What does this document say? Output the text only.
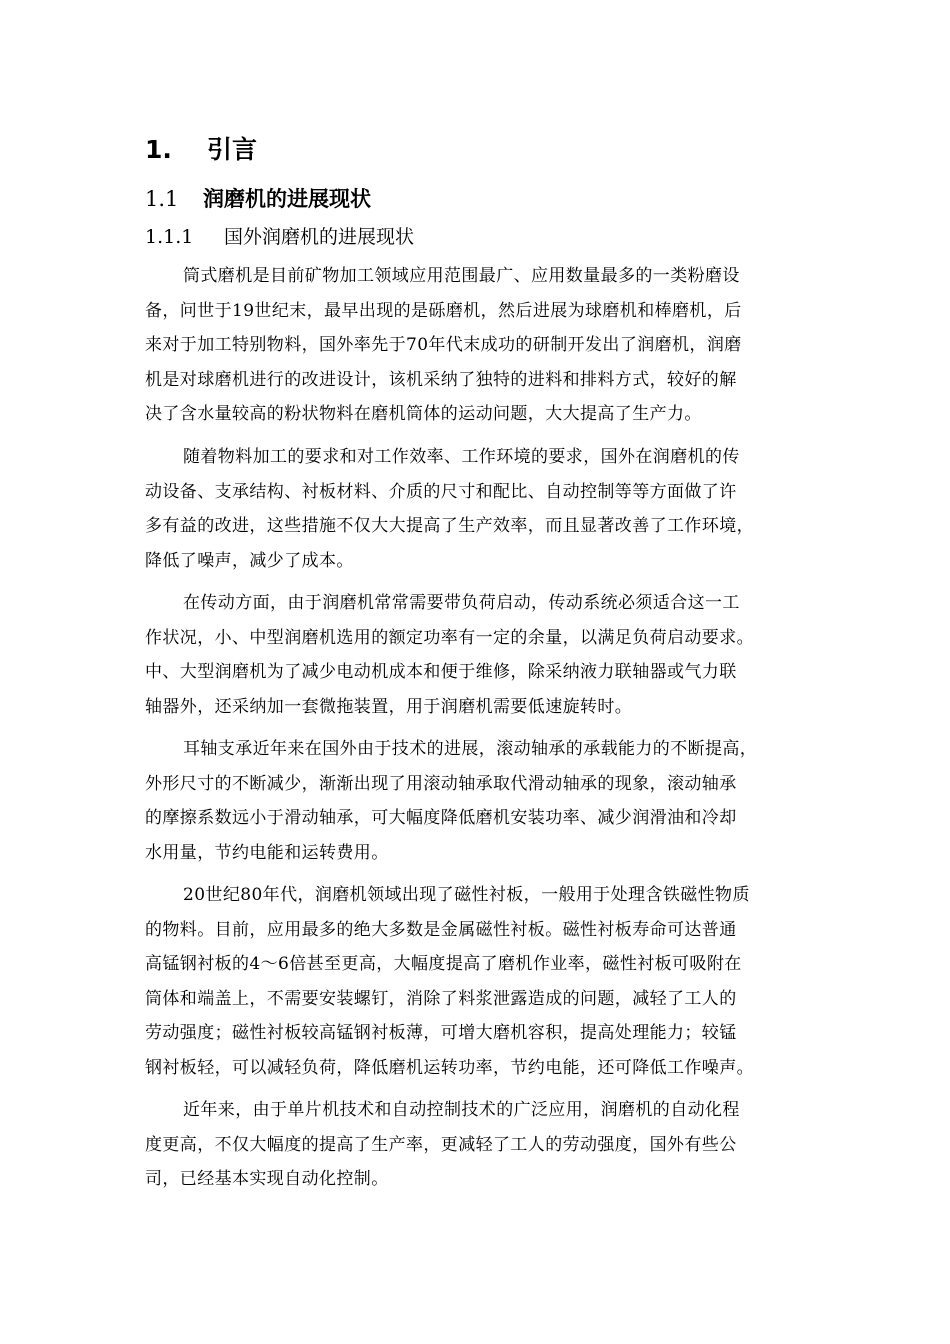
1. 引言
1.1 润磨机的进展现状
1.1.1 国外润磨机的进展现状
筒式磨机是目前矿物加工领域应用范围最广、应用数量最多的一类粉磨设
备，问世于19世纪末，最早出现的是砾磨机，然后进展为球磨机和棒磨机，后
来对于加工特别物料，国外率先于70年代末成功的研制开发出了润磨机，润磨
机是对球磨机进行的改进设计，该机采纳了独特的进料和排料方式，较好的解
决了含水量较高的粉状物料在磨机筒体的运动问题，大大提高了生产力。
随着物料加工的要求和对工作效率、工作环境的要求，国外在润磨机的传
动设备、支承结构、衬板材料、介质的尺寸和配比、自动控制等等方面做了许
多有益的改进，这些措施不仅大大提高了生产效率，而且显著改善了工作环境，
降低了噪声，减少了成本。
在传动方面，由于润磨机常常需要带负荷启动，传动系统必须适合这一工
作状况，小、中型润磨机选用的额定功率有一定的余量，以满足负荷启动要求。
中、大型润磨机为了减少电动机成本和便于维修，除采纳液力联轴器或气力联
轴器外，还采纳加一套微拖装置，用于润磨机需要低速旋转时。
耳轴支承近年来在国外由于技术的进展，滚动轴承的承载能力的不断提高，
外形尺寸的不断减少，渐渐出现了用滚动轴承取代滑动轴承的现象，滚动轴承
的摩擦系数远小于滑动轴承，可大幅度降低磨机安装功率、减少润滑油和冷却
水用量，节约电能和运转费用。
20世纪80年代，润磨机领域出现了磁性衬板，一般用于处理含铁磁性物质
的物料。目前，应用最多的绝大多数是金属磁性衬板。磁性衬板寿命可达普通
高锰钢衬板的4～6倍甚至更高，大幅度提高了磨机作业率，磁性衬板可吸附在
筒体和端盖上，不需要安装螺钉，消除了料浆泄露造成的问题，减轻了工人的
劳动强度；磁性衬板较高锰钢衬板薄，可增大磨机容积，提高处理能力；较锰
钢衬板轻，可以减轻负荷，降低磨机运转功率，节约电能，还可降低工作噪声。
近年来，由于单片机技术和自动控制技术的广泛应用，润磨机的自动化程
度更高，不仅大幅度的提高了生产率，更减轻了工人的劳动强度，国外有些公
司，已经基本实现自动化控制。
